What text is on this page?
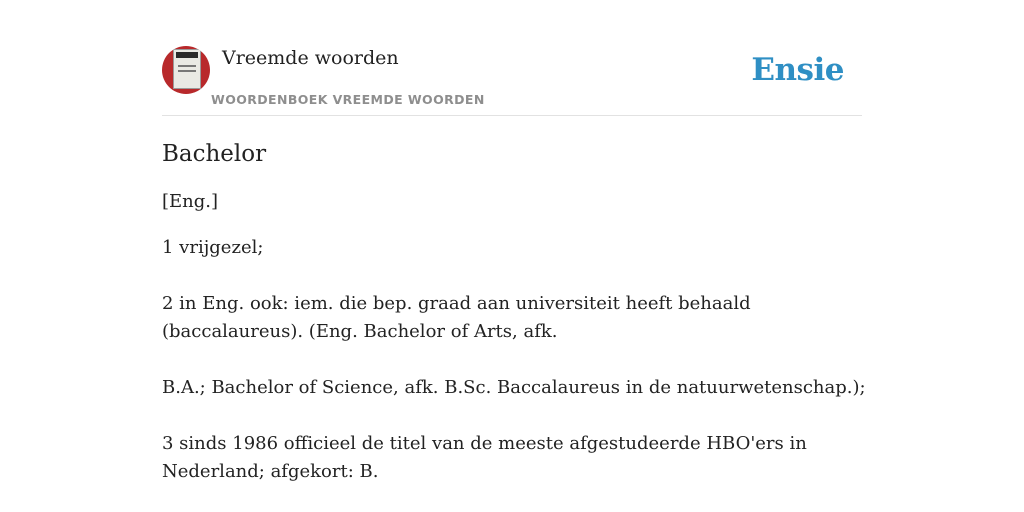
Vreemde woorden
WOORDENBOEK VREEMDE WOORDEN
Ensie
Bachelor

[Eng.]

1 vrijgezel;

2 in Eng. ook: iem. die bep. graad aan universiteit heeft behaald (baccalaureus). (Eng. Bachelor of Arts, afk.

B.A.; Bachelor of Science, afk. B.Sc. Baccalaureus in de natuurwetenschap.);

3 sinds 1986 officieel de titel van de meeste afgestudeerde HBO'ers in Nederland; afgekort: B.
